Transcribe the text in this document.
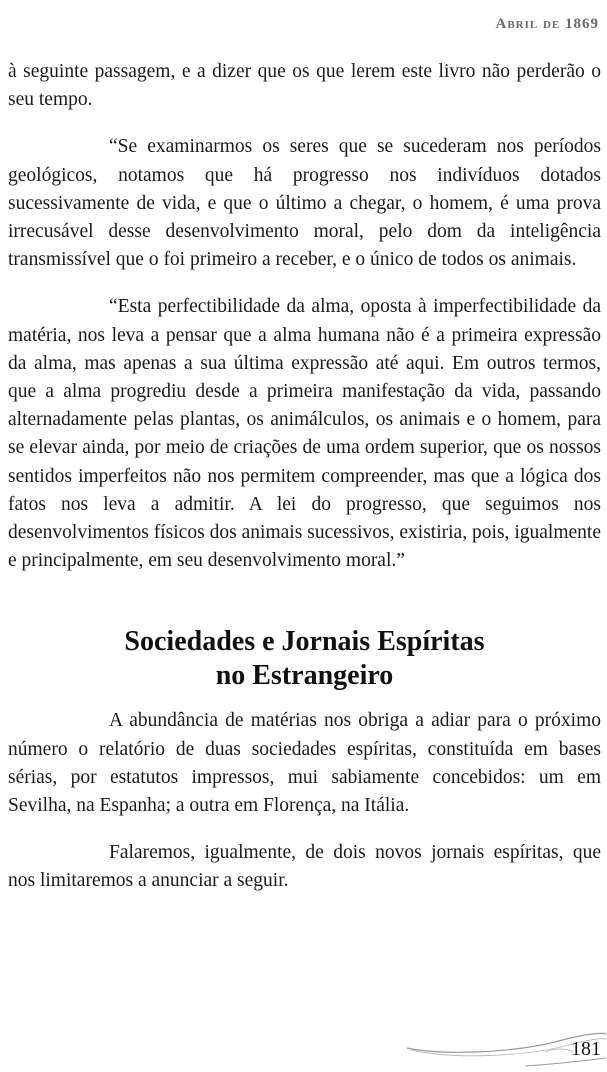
Abril de 1869

à seguinte passagem, e a dizer que os que lerem este livro não perderão o seu tempo.

“Se examinarmos os seres que se sucederam nos períodos geológicos, notamos que há progresso nos indivíduos dotados sucessivamente de vida, e que o último a chegar, o homem, é uma prova irrecusável desse desenvolvimento moral, pelo dom da inteligência transmissível que o foi primeiro a receber, e o único de todos os animais.

“Esta perfectibilidade da alma, oposta à imperfectibilidade da matéria, nos leva a pensar que a alma humana não é a primeira expressão da alma, mas apenas a sua última expressão até aqui. Em outros termos, que a alma progrediu desde a primeira manifestação da vida, passando alternadamente pelas plantas, os animálculos, os animais e o homem, para se elevar ainda, por meio de criações de uma ordem superior, que os nossos sentidos imperfeitos não nos permitem compreender, mas que a lógica dos fatos nos leva a admitir. A lei do progresso, que seguimos nos desenvolvimentos físicos dos animais sucessivos, existiria, pois, igualmente e principalmente, em seu desenvolvimento moral.”

Sociedades e Jornais Espíritas
no Estrangeiro

A abundância de matérias nos obriga a adiar para o próximo número o relatório de duas sociedades espíritas, constituída em bases sérias, por estatutos impressos, mui sabiamente concebidos: um em Sevilha, na Espanha; a outra em Florença, na Itália.

Falaremos, igualmente, de dois novos jornais espíritas, que nos limitaremos a anunciar a seguir.

181
